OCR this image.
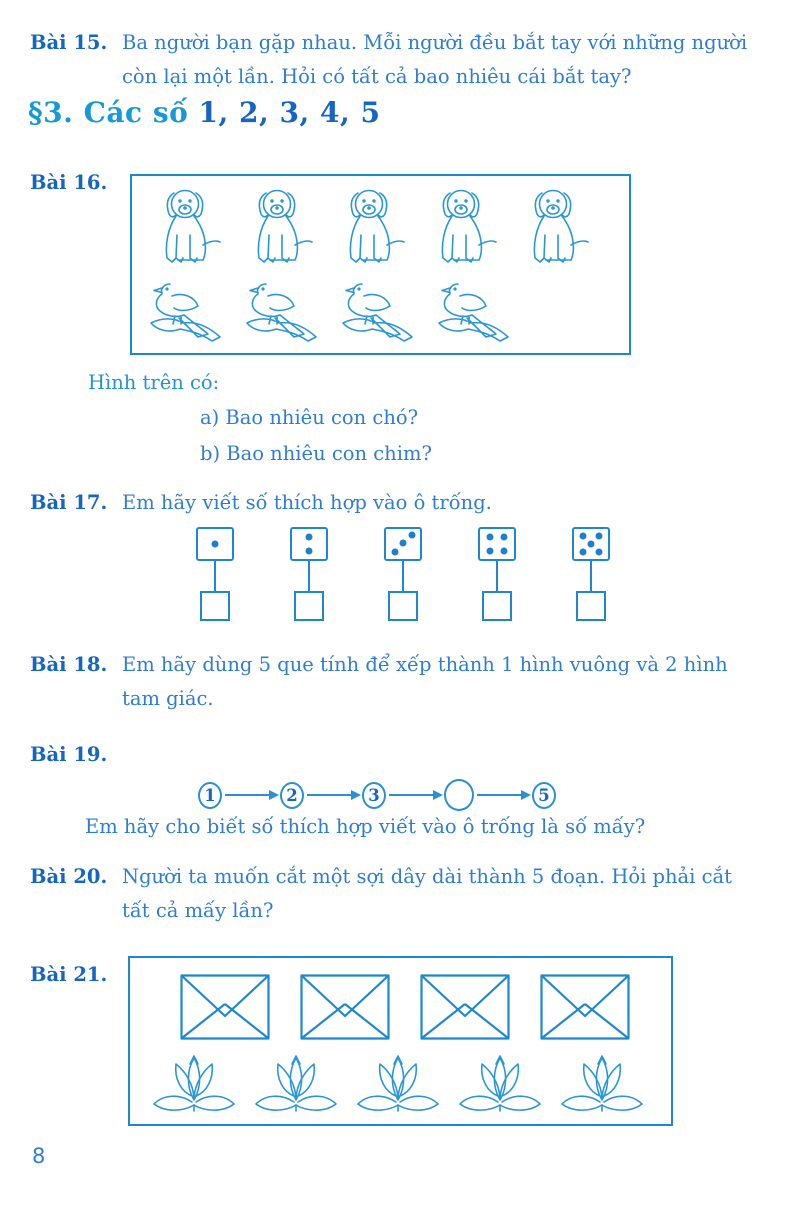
Bài 15. Ba người bạn gặp nhau. Mỗi người đều bắt tay với những người
còn lại một lần. Hỏi có tất cả bao nhiêu cái bắt tay?
§3. Các số 1, 2, 3, 4, 5
Bài 16.
Hình trên có:
a) Bao nhiêu con chó?
b) Bao nhiêu con chim?
Bài 17. Em hãy viết số thích hợp vào ô trống.
Bài 18. Em hãy dùng 5 que tính để xếp thành 1 hình vuông và 2 hình
tam giác.
Bài 19.
1	2	3	5
Em hãy cho biết số thích hợp viết vào ô trống là số mấy?
Bài 20. Người ta muốn cắt một sợi dây dài thành 5 đoạn. Hỏi phải cắt
tất cả mấy lần?
Bài 21.
8
